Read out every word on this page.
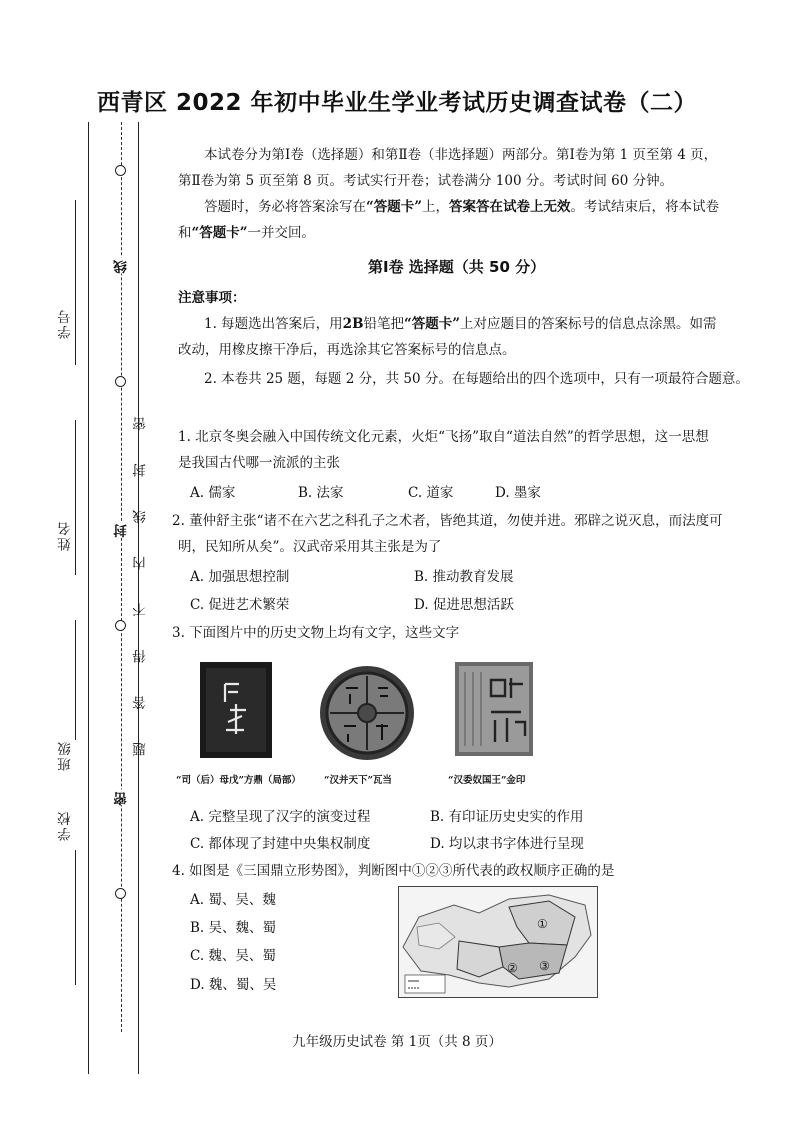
学号
姓名
班级
学校
线
封
密
题答得不内线封密
西青区 2022 年初中毕业生学业考试历史调查试卷（二）
本试卷分为第Ⅰ卷（选择题）和第Ⅱ卷（非选择题）两部分。第Ⅰ卷为第 1 页至第 4 页，
第Ⅱ卷为第 5 页至第 8 页。考试实行开卷；试卷满分 100 分。考试时间 60 分钟。
答题时，务必将答案涂写在“答题卡”上，答案答在试卷上无效。考试结束后，将本试卷
和“答题卡”一并交回。
第Ⅰ卷 选择题（共 50 分）
注意事项：
1. 每题选出答案后，用2B铅笔把“答题卡”上对应题目的答案标号的信息点涂黑。如需
改动，用橡皮擦干净后，再选涂其它答案标号的信息点。
2. 本卷共 25 题，每题 2 分，共 50 分。在每题给出的四个选项中，只有一项最符合题意。
1. 北京冬奥会融入中国传统文化元素，火炬“飞扬”取自“道法自然”的哲学思想，这一思想
是我国古代哪一流派的主张
A. 儒家	B. 法家	C. 道家	D. 墨家
2. 董仲舒主张“诸不在六艺之科孔子之术者，皆绝其道，勿使并进。邪辟之说灭息，而法度可
明，民知所从矣”。汉武帝采用其主张是为了
A. 加强思想控制	B. 推动教育发展
C. 促进艺术繁荣	D. 促进思想活跃
3. 下面图片中的历史文物上均有文字，这些文字
“司（后）母戊”方鼎（局部） “汉并天下”瓦当	“汉委奴国王”金印
A. 完整呈现了汉字的演变过程	B. 有印证历史史实的作用
C. 都体现了封建中央集权制度	D. 均以隶书字体进行呈现
4. 如图是《三国鼎立形势图》，判断图中①②③所代表的政权顺序正确的是
A. 蜀、吴、魏
B. 吴、魏、蜀
C. 魏、吴、蜀
D. 魏、蜀、吴
①
② ③
九年级历史试卷 第 1页（共 8 页）
